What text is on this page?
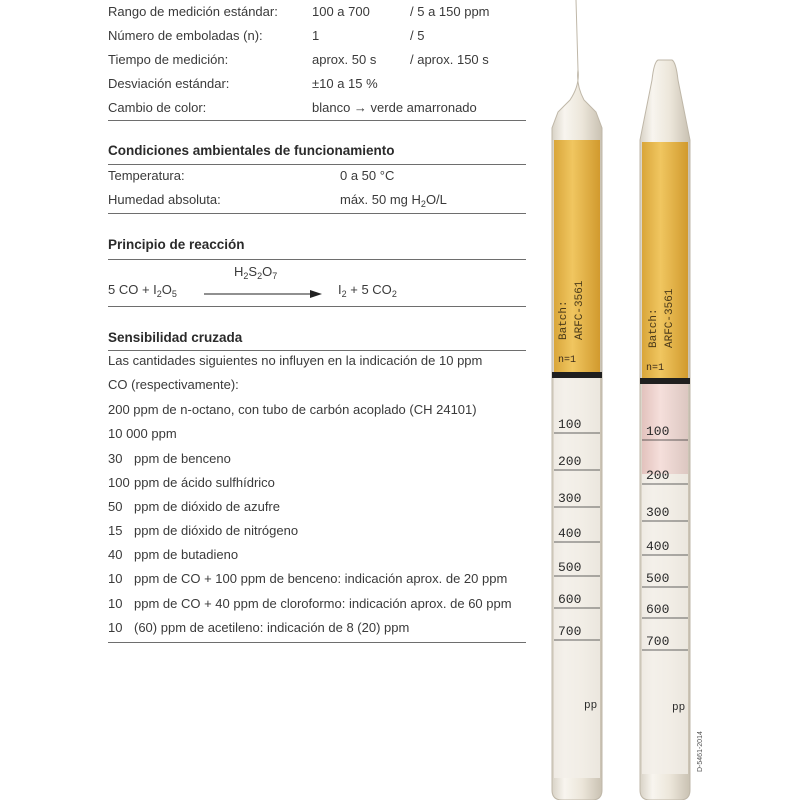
Rango de medición estándar:	100 a 700	/ 5 a 150 ppm
Número de emboladas (n):	1	/ 5
Tiempo de medición:	aprox. 50 s	/ aprox. 150 s
Desviación estándar:	±10 a 15 %
Cambio de color:	blanco → verde amarronado
Condiciones ambientales de funcionamiento
Temperatura:	0 a 50 °C
Humedad absoluta:	máx. 50 mg $H_2O/L$
Principio de reacción
5 CO + $I_2O_5$
$H_2S_2O_7$
$I_2 + 5$ $CO_2$
Sensibilidad cruzada
Las cantidades siguientes no influyen en la indicación de 10 ppm
CO (respectivamente):
200 ppm de n-octano, con tubo de carbón acoplado (CH 24101)
10 000 ppm
30 ppm de benceno
100 ppm de ácido sulfhídrico
50 ppm de dióxido de azufre
15 ppm de dióxido de nitrógeno
40 ppm de butadieno
10 ppm de CO + 100 ppm de benceno: indicación aprox. de 20 ppm
10 ppm de CO + 40 ppm de cloroformo: indicación aprox. de 60 ppm
10 (60) ppm de acetileno: indicación de 8 (20) ppm
100
200
300
400
500
600
700
pp
Batch: ARFC-3561
n=1
100
200
300
400
500
600
700
pp
Batch: ARFC-3561
n=1
D-5461-2014
